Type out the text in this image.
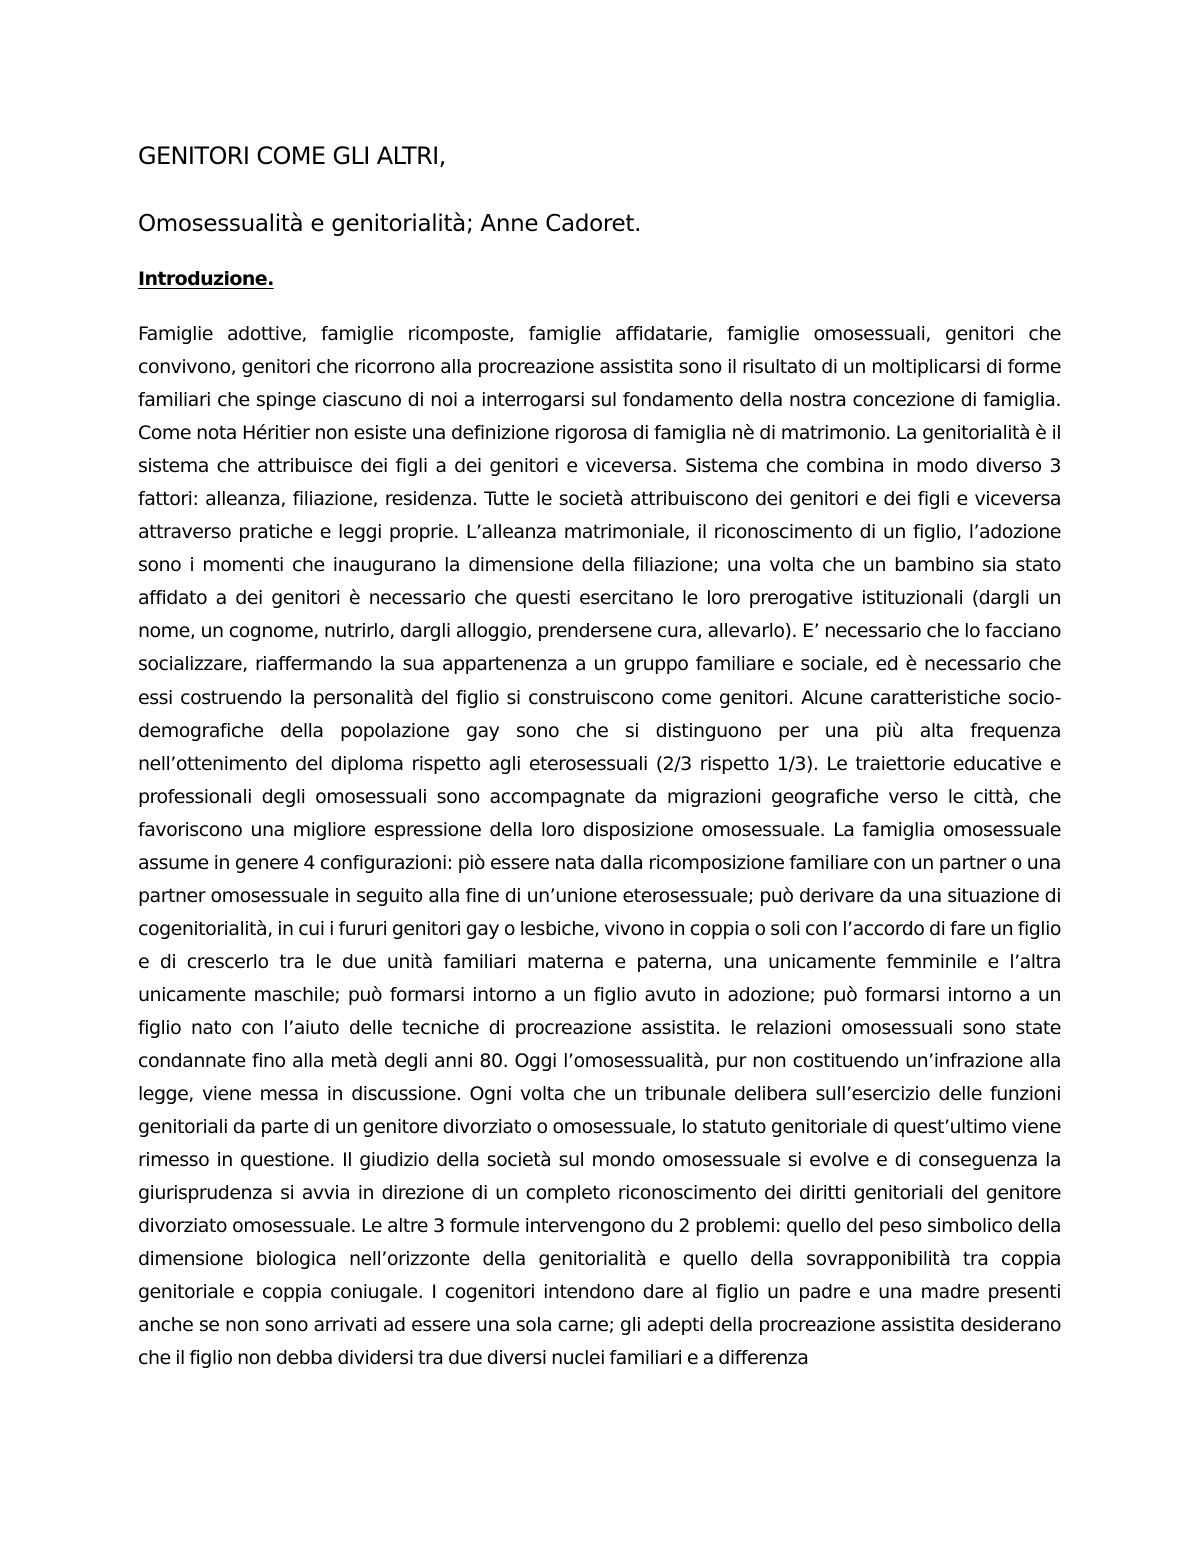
GENITORI COME GLI ALTRI,
Omosessualità e genitorialità; Anne Cadoret.
Introduzione.

Famiglie adottive, famiglie ricomposte, famiglie affidatarie, famiglie omosessuali, genitori che convivono, genitori che ricorrono alla procreazione assistita sono il risultato di un moltiplicarsi di forme familiari che spinge ciascuno di noi a interrogarsi sul fondamento della nostra concezione di famiglia. Come nota Héritier non esiste una definizione rigorosa di famiglia nè di matrimonio. La genitorialità è il sistema che attribuisce dei figli a dei genitori e viceversa. Sistema che combina in modo diverso 3 fattori: alleanza, filiazione, residenza. Tutte le società attribuiscono dei genitori e dei figli e viceversa attraverso pratiche e leggi proprie. L’alleanza matrimoniale, il riconoscimento di un figlio, l’adozione sono i momenti che inaugurano la dimensione della filiazione; una volta che un bambino sia stato affidato a dei genitori è necessario che questi esercitano le loro prerogative istituzionali (dargli un nome, un cognome, nutrirlo, dargli alloggio, prendersene cura, allevarlo). E’ necessario che lo facciano socializzare, riaffermando la sua appartenenza a un gruppo familiare e sociale, ed è necessario che essi costruendo la personalità del figlio si construiscono come genitori. Alcune caratteristiche socio-demografiche della popolazione gay sono che si distinguono per una più alta frequenza nell’ottenimento del diploma rispetto agli eterosessuali (2/3 rispetto 1/3). Le traiettorie educative e professionali degli omosessuali sono accompagnate da migrazioni geografiche verso le città, che favoriscono una migliore espressione della loro disposizione omosessuale. La famiglia omosessuale assume in genere 4 configurazioni: piò essere nata dalla ricomposizione familiare con un partner o una partner omosessuale in seguito alla fine di un’unione eterosessuale; può derivare da una situazione di cogenitorialità, in cui i fururi genitori gay o lesbiche, vivono in coppia o soli con l’accordo di fare un figlio e di crescerlo tra le due unità familiari materna e paterna, una unicamente femminile e l’altra unicamente maschile; può formarsi intorno a un figlio avuto in adozione; può formarsi intorno a un figlio nato con l’aiuto delle tecniche di procreazione assistita. le relazioni omosessuali sono state condannate fino alla metà degli anni 80. Oggi l’omosessualità, pur non costituendo un’infrazione alla legge, viene messa in discussione. Ogni volta che un tribunale delibera sull’esercizio delle funzioni genitoriali da parte di un genitore divorziato o omosessuale, lo statuto genitoriale di quest’ultimo viene rimesso in questione. Il giudizio della società sul mondo omosessuale si evolve e di conseguenza la giurisprudenza si avvia in direzione di un completo riconoscimento dei diritti genitoriali del genitore divorziato omosessuale. Le altre 3 formule intervengono du 2 problemi: quello del peso simbolico della dimensione biologica nell’orizzonte della genitorialità e quello della sovrapponibilità tra coppia genitoriale e coppia coniugale. I cogenitori intendono dare al figlio un padre e una madre presenti anche se non sono arrivati ad essere una sola carne; gli adepti della procreazione assistita desiderano che il figlio non debba dividersi tra due diversi nuclei familiari e a differenza
